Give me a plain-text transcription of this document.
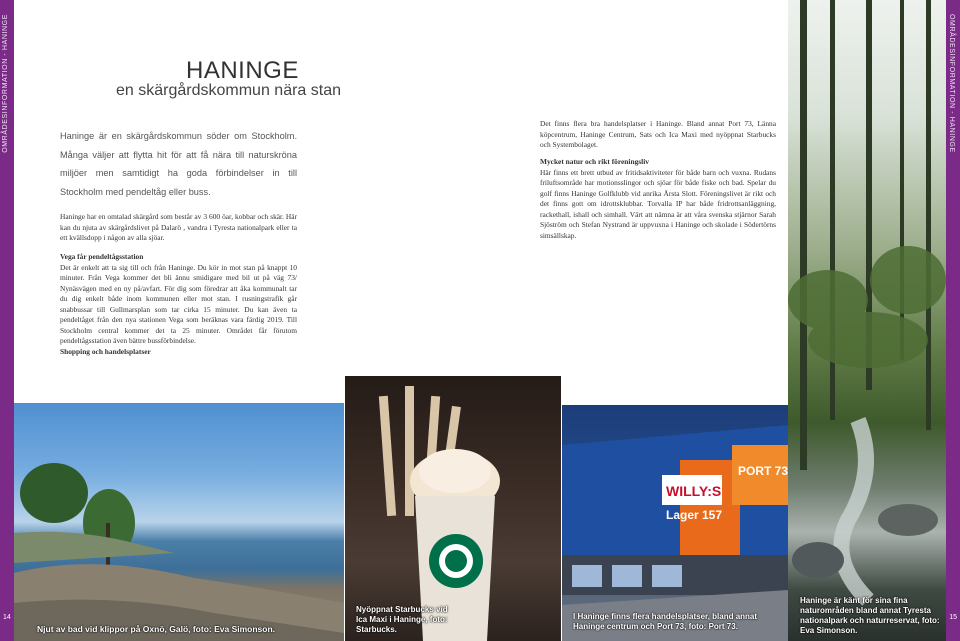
OMRÅDESINFORMATION - HANINGE
14
OMRÅDESINFORMATION - HANINGE
15
HANINGE
en skärgårdskommun nära stan
Haninge är en skärgårdskommun söder om Stockholm. Många väljer att flytta hit för att få nära till naturskröna miljöer men samtidigt ha goda förbindelser in till Stockholm med pendeltåg eller buss.
Haninge har en omtalad skärgård som består av 3 600 öar, kobbar och skär. Här kan du njuta av skärgårdslivet på Dalarö , vandra i Tyresta nationalpark eller ta ett kvällsdopp i någon av alla sjöar.
Vega får pendeltågsstation
Det är enkelt att ta sig till och från Haninge. Du kör in mot stan på knappt 10 minuter. Från Vega kommer det bli ännu smidigare med bil ut på väg 73/ Nynäsvägen med en ny på/avfart. För dig som föredrar att åka kommunalt tar du dig enkelt både inom kommunen eller mot stan. I rusningstrafik går snabbussar till Gullmarsplan som tar cirka 15 minuter. Du kan även ta pendeltåget från den nya stationen Vega som beräknas vara färdig 2019. Till Stockholm central kommer det ta 25 minuter. Området får förutom pendeltågsstation även bättre bussförbindelse.
Shopping och handelsplatser
Det finns flera bra handelsplatser i Haninge. Bland annat Port 73, Länna köpcentrum, Haninge Centrum, Sats och Ica Maxi med nyöppnat Starbucks och Systembolaget.
Mycket natur och rikt föreningsliv
Här finns ett brett utbud av fritidsaktiviteter för både barn och vuxna. Rudans friluftsområde har motionsslingor och sjöar för både fiske och bad. Spelar du golf finns Haninge Golfklubb vid anrika Årsta Slott. Föreningslivet är rikt och det finns gott om idrottsklubbar. Torvalla IP har både fridrottsanläggning, rackethall, ishall och simhall. Värt att nämna är att våra svenska stjärnor Sarah Sjöström och Stefan Nystrand är uppvuxna i Haninge och skolade i Södertörns simsällskap.
Haninge är känt för sina fina naturområden bland annat Tyresta nationalpark och naturreservat, foto: Eva Simonson.
Njut av bad vid klippor på Oxnö, Galö, foto: Eva Simonson.
Nyöppnat Starbucks vid Ica Maxi i Haninge, foto: Starbucks.
WILLY:S
Lager 157
PORT 73
I Haninge finns flera handelsplatser, bland annat Haninge centrum och Port 73, foto: Port 73.
